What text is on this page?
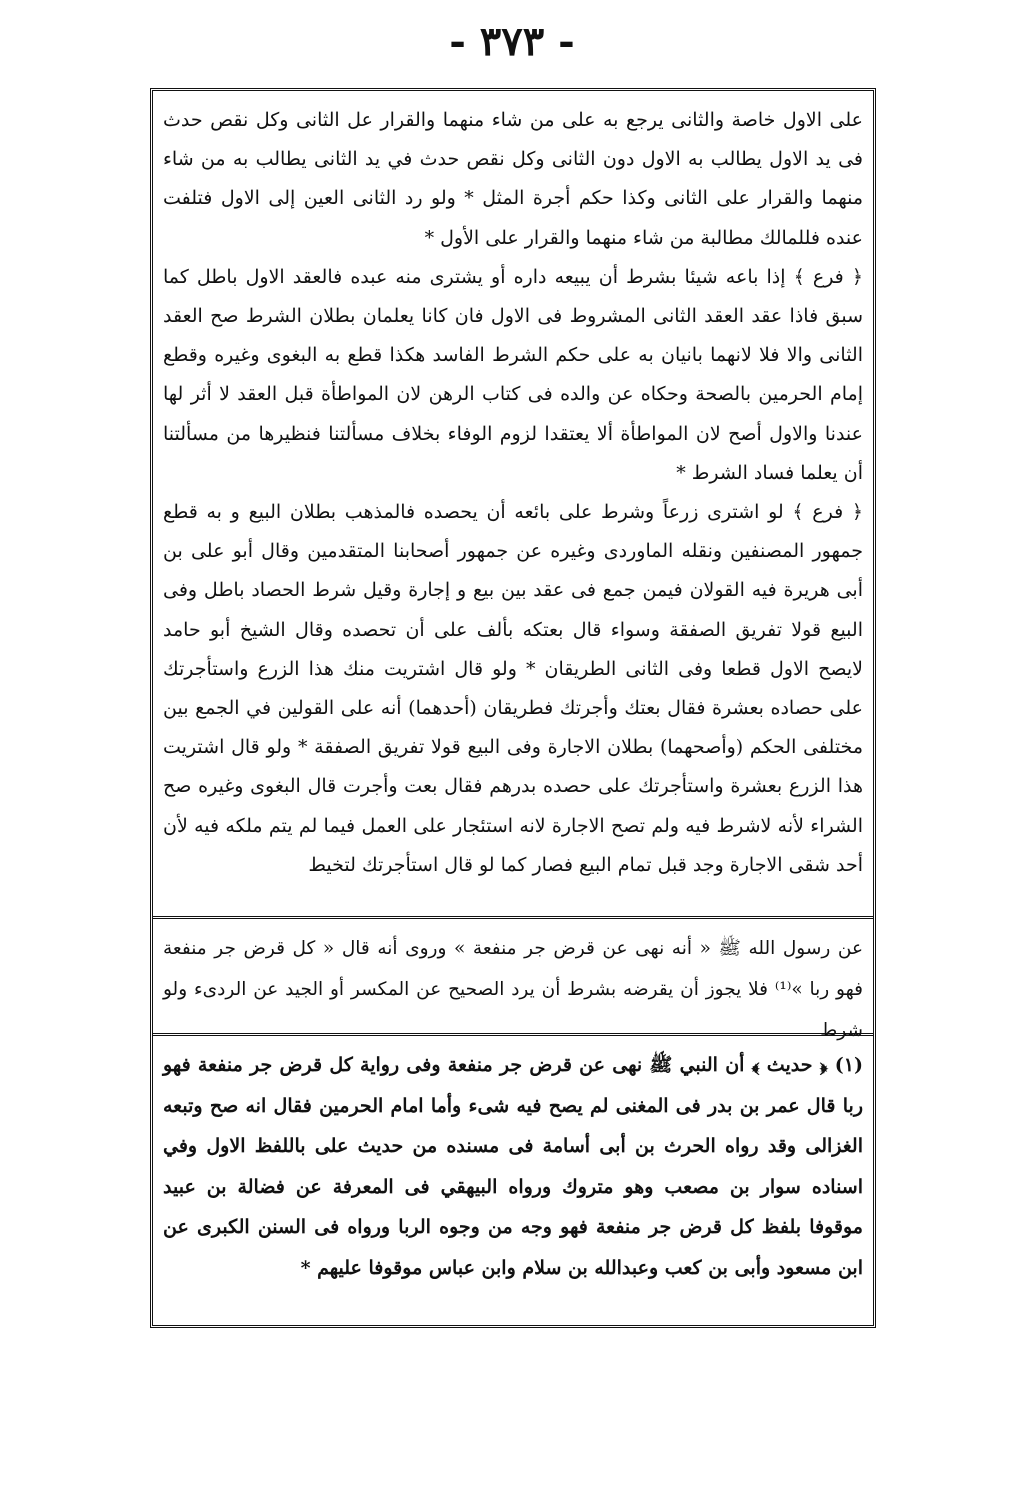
- ٣٧٣ -

على الاول خاصة والثانى يرجع به على من شاء منهما والقرار عل الثانى وكل نقص حدث فى يد الاول يطالب به الاول دون الثانى وكل نقص حدث في يد الثانى يطالب به من شاء منهما والقرار على الثانى وكذا حكم أجرة المثل * ولو رد الثانى العين إلى الاول فتلفت عنده فللمالك مطالبة من شاء منهما والقرار على الأول *

﴿ فرع ﴾ إذا باعه شيئا بشرط أن يبيعه داره أو يشترى منه عبده فالعقد الاول باطل كما سبق فاذا عقد العقد الثانى المشروط فى الاول فان كانا يعلمان بطلان الشرط صح العقد الثانى والا فلا لانهما بانيان به على حكم الشرط الفاسد هكذا قطع به البغوى وغيره وقطع إمام الحرمين بالصحة وحكاه عن والده فى كتاب الرهن لان المواطأة قبل العقد لا أثر لها عندنا والاول أصح لان المواطأة ألا يعتقدا لزوم الوفاء بخلاف مسألتنا فنظيرها من مسألتنا أن يعلما فساد الشرط *

﴿ فرع ﴾ لو اشترى زرعاً وشرط على بائعه أن يحصده فالمذهب بطلان البيع و به قطع جمهور المصنفين ونقله الماوردى وغيره عن جمهور أصحابنا المتقدمين وقال أبو على بن أبى هريرة فيه القولان فيمن جمع فى عقد بين بيع و إجارة وقيل شرط الحصاد باطل وفى البيع قولا تفريق الصفقة وسواء قال بعتكه بألف على أن تحصده وقال الشيخ أبو حامد لايصح الاول قطعا وفى الثانى الطريقان * ولو قال اشتريت منك هذا الزرع واستأجرتك على حصاده بعشرة فقال بعتك وأجرتك فطريقان (أحدهما) أنه على القولين في الجمع بين مختلفى الحكم (وأصحهما) بطلان الاجارة وفى البيع قولا تفريق الصفقة * ولو قال اشتريت هذا الزرع بعشرة واستأجرتك على حصده بدرهم فقال بعت وأجرت قال البغوى وغيره صح الشراء لأنه لاشرط فيه ولم تصح الاجارة لانه استئجار على العمل فيما لم يتم ملكه فيه لأن أحد شقى الاجارة وجد قبل تمام البيع فصار كما لو قال استأجرتك لتخيط

عن رسول الله ﷺ « أنه نهى عن قرض جر منفعة » وروى أنه قال « كل قرض جر منفعة فهو ربا »⁽¹⁾ فلا يجوز أن يقرضه بشرط أن يرد الصحيح عن المكسر أو الجيد عن الردىء ولو شرط

(١) ﴿ حديث ﴾ أن النبي ﷺ نهى عن قرض جر منفعة وفى رواية كل قرض جر منفعة فهو ربا قال عمر بن بدر فى المغنى لم يصح فيه شىء وأما امام الحرمين فقال انه صح وتبعه الغزالى وقد رواه الحرث بن أبى أسامة فى مسنده من حديث على باللفظ الاول وفي اسناده سوار بن مصعب وهو متروك ورواه البيهقي فى المعرفة عن فضالة بن عبيد موقوفا بلفظ كل قرض جر منفعة فهو وجه من وجوه الربا ورواه فى السنن الكبرى عن ابن مسعود وأبى بن كعب وعبدالله بن سلام وابن عباس موقوفا عليهم *
